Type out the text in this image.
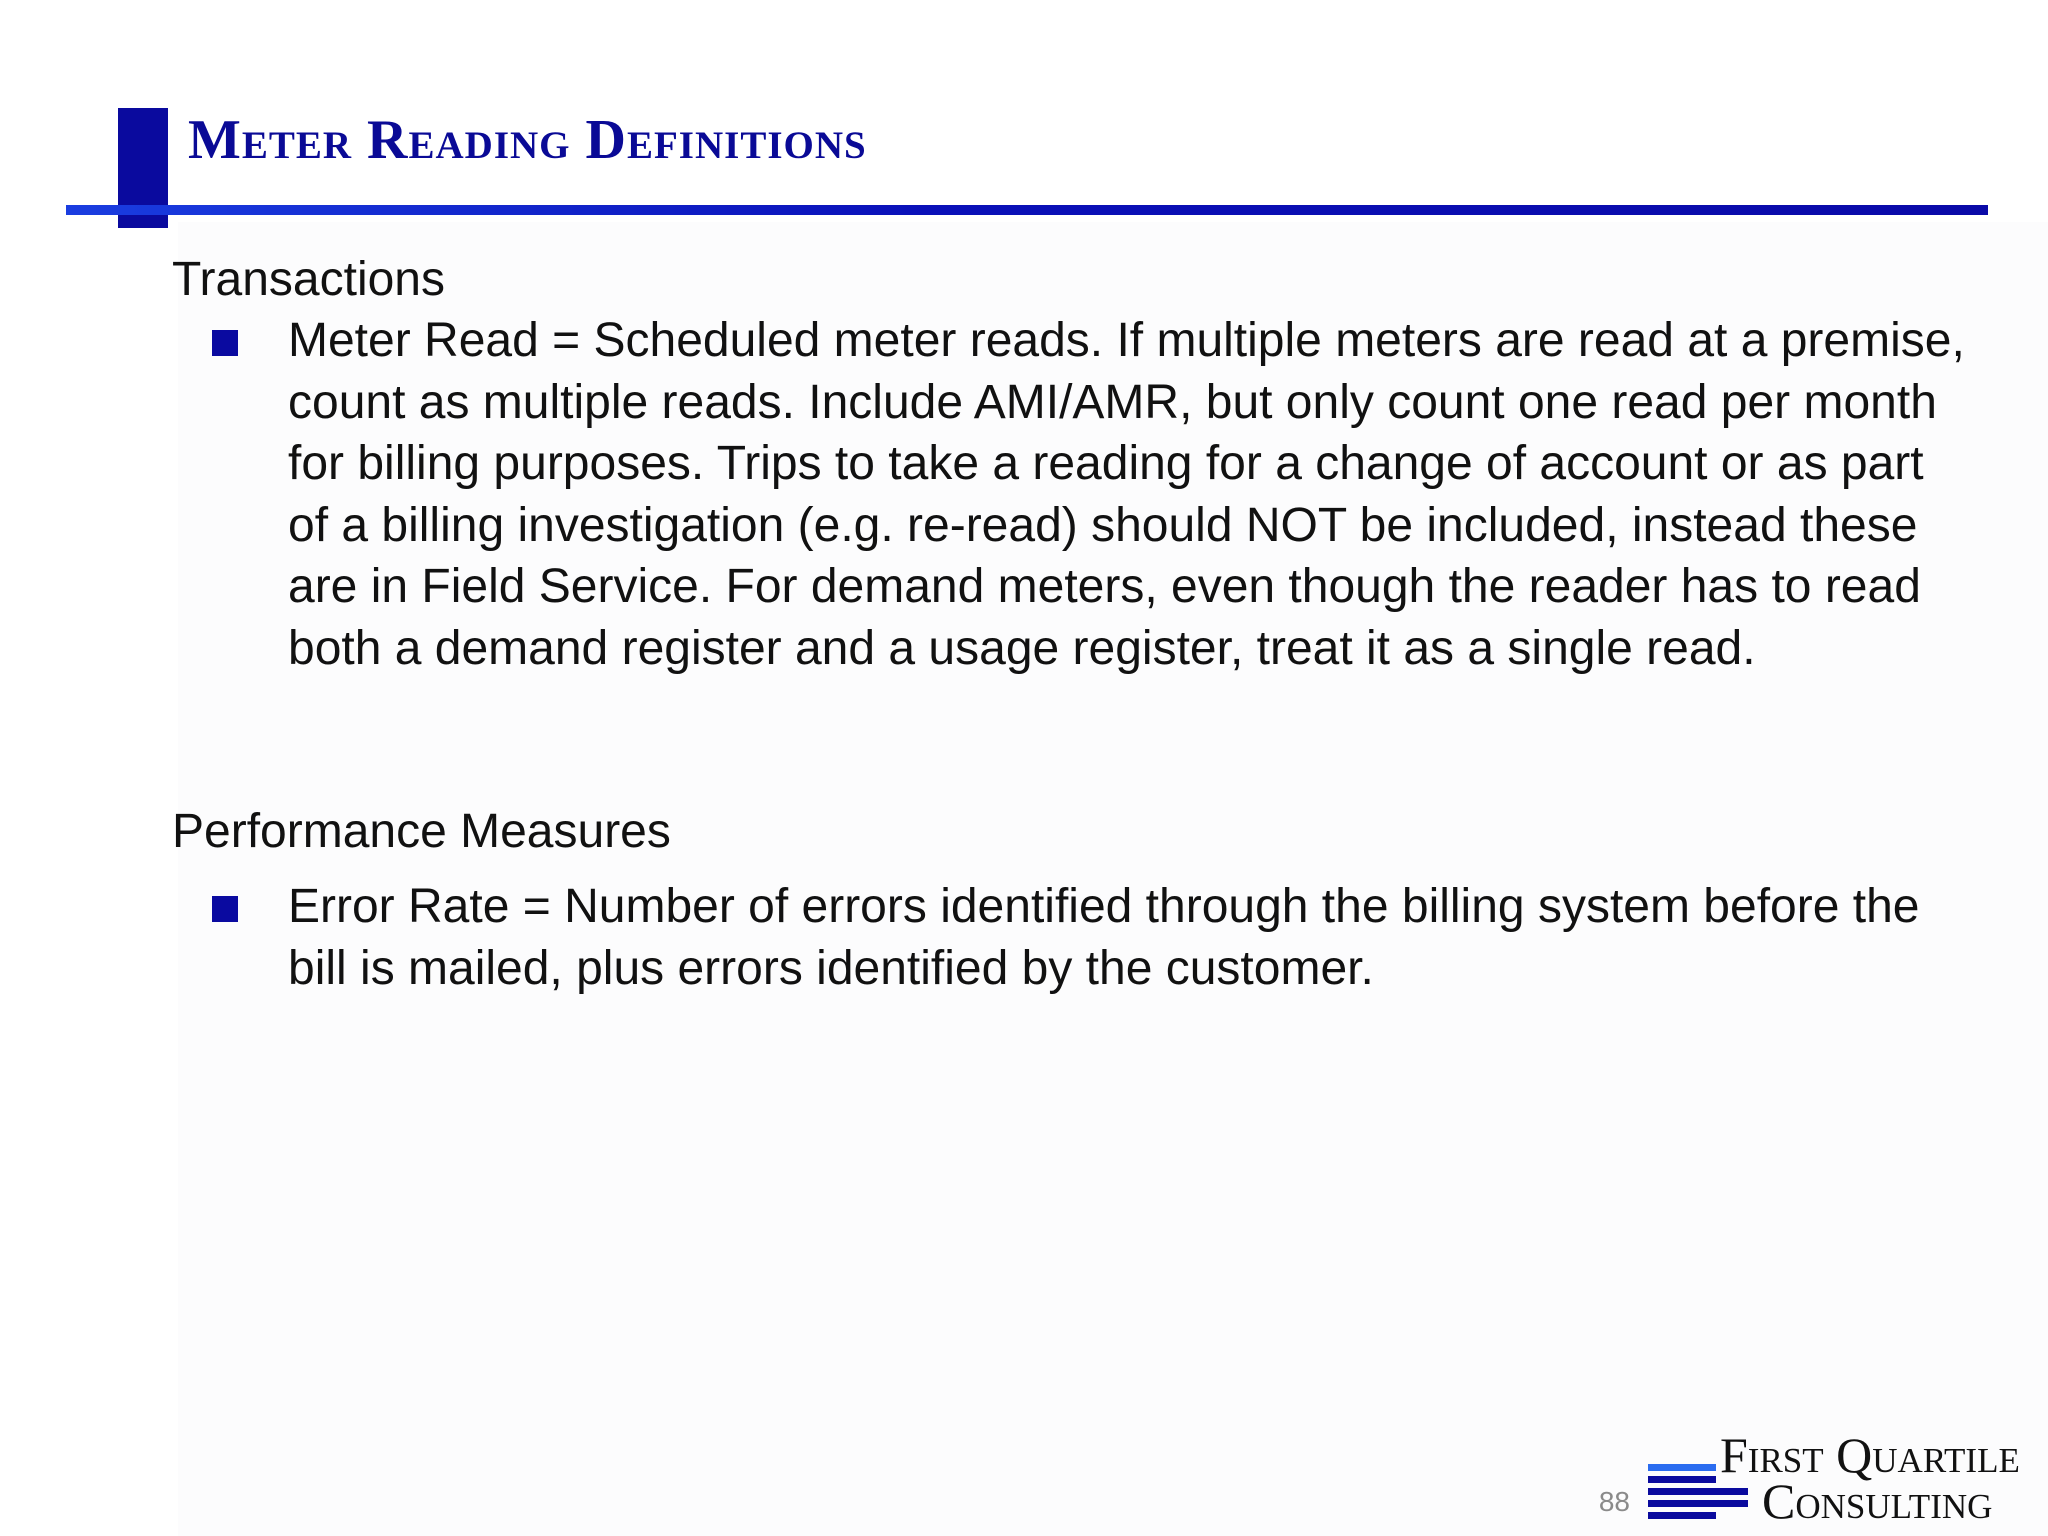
Meter Reading Definitions

Transactions

Meter Read = Scheduled meter reads. If multiple meters are read at a premise, count as multiple reads. Include AMI/AMR, but only count one read per month for billing purposes. Trips to take a reading for a change of account or as part of a billing investigation (e.g. re-read) should NOT be included, instead these are in Field Service. For demand meters, even though the reader has to read both a demand register and a usage register, treat it as a single read.

Performance Measures

Error Rate = Number of errors identified through the billing system before the bill is mailed, plus errors identified by the customer.

88
First Quartile
Consulting
